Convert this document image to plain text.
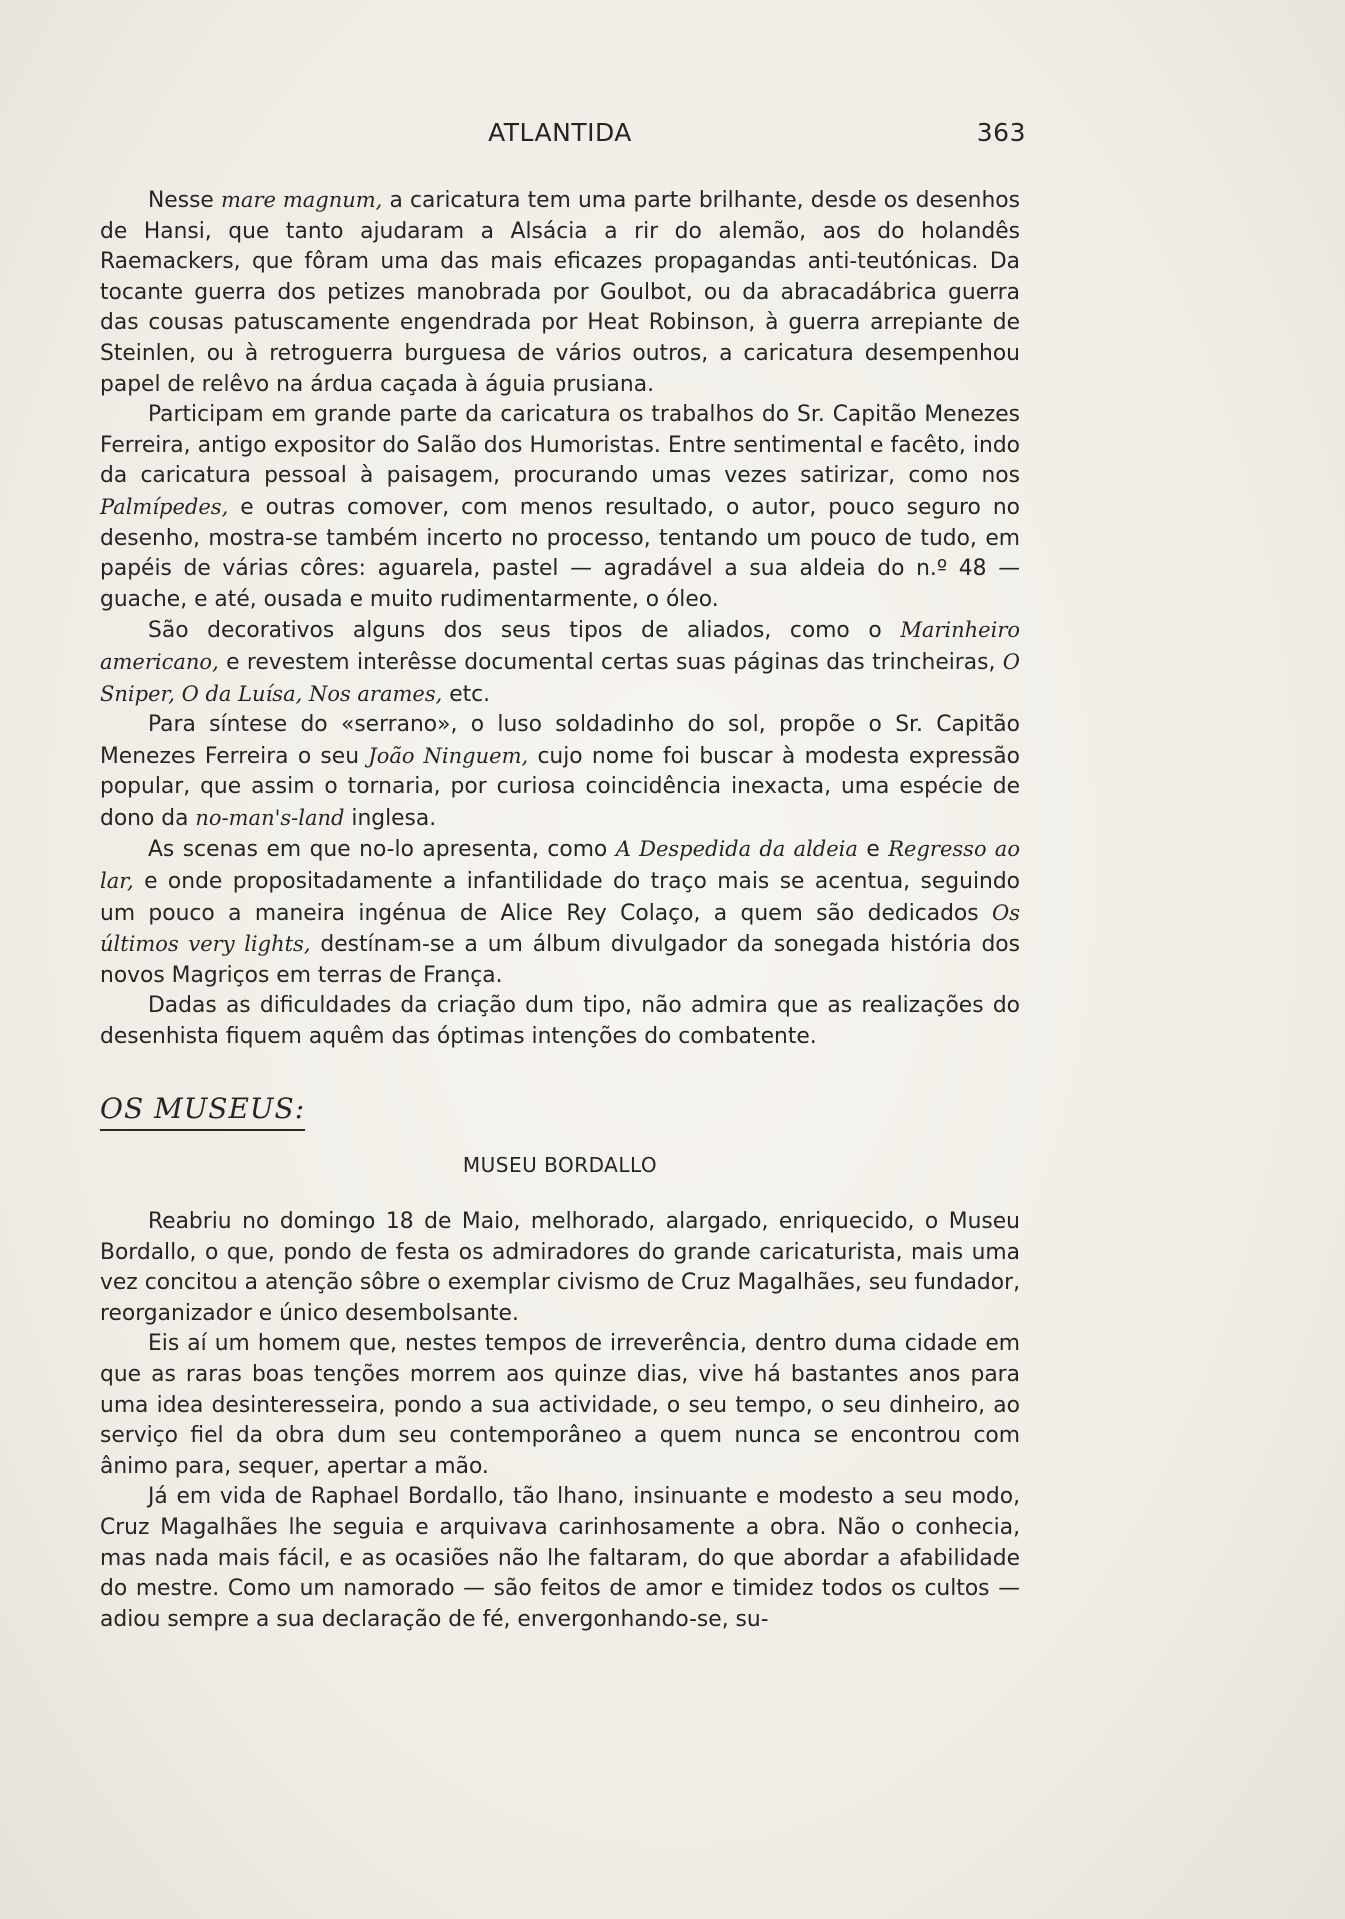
ATLANTIDA	363

Nesse mare magnum, a caricatura tem uma parte brilhante, desde os desenhos de Hansi, que tanto ajudaram a Alsácia a rir do alemão, aos do holandês Raemackers, que fôram uma das mais eficazes propagandas anti-teutónicas. Da tocante guerra dos petizes manobrada por Goulbot, ou da abracadábrica guerra das cousas patuscamente engendrada por Heat Robinson, à guerra arrepiante de Steinlen, ou à retroguerra burguesa de vários outros, a caricatura desempenhou papel de relêvo na árdua caçada à águia prusiana.

Participam em grande parte da caricatura os trabalhos do Sr. Capitão Menezes Ferreira, antigo expositor do Salão dos Humoristas. Entre sentimental e facêto, indo da caricatura pessoal à paisagem, procurando umas vezes satirizar, como nos Palmípedes, e outras comover, com menos resultado, o autor, pouco seguro no desenho, mostra-se também incerto no processo, tentando um pouco de tudo, em papéis de várias côres: aguarela, pastel — agradável a sua aldeia do n.º 48 — guache, e até, ousada e muito rudimentarmente, o óleo.

São decorativos alguns dos seus tipos de aliados, como o Marinheiro americano, e revestem interêsse documental certas suas páginas das trincheiras, O Sniper, O da Luísa, Nos arames, etc.

Para síntese do «serrano», o luso soldadinho do sol, propõe o Sr. Capitão Menezes Ferreira o seu João Ninguem, cujo nome foi buscar à modesta expressão popular, que assim o tornaria, por curiosa coincidência inexacta, uma espécie de dono da no-man's-land inglesa.

As scenas em que no-lo apresenta, como A Despedida da aldeia e Regresso ao lar, e onde propositadamente a infantilidade do traço mais se acentua, seguindo um pouco a maneira ingénua de Alice Rey Colaço, a quem são dedicados Os últimos very lights, destínam-se a um álbum divulgador da sonegada história dos novos Magriços em terras de França.

Dadas as dificuldades da criação dum tipo, não admira que as realizações do desenhista fiquem aquêm das óptimas intenções do combatente.

OS MUSEUS:
MUSEU BORDALLO

Reabriu no domingo 18 de Maio, melhorado, alargado, enriquecido, o Museu Bordallo, o que, pondo de festa os admiradores do grande caricaturista, mais uma vez concitou a atenção sôbre o exemplar civismo de Cruz Magalhães, seu fundador, reorganizador e único desembolsante.

Eis aí um homem que, nestes tempos de irreverência, dentro duma cidade em que as raras boas tenções morrem aos quinze dias, vive há bastantes anos para uma idea desinteresseira, pondo a sua actividade, o seu tempo, o seu dinheiro, ao serviço fiel da obra dum seu contemporâneo a quem nunca se encontrou com ânimo para, sequer, apertar a mão.

Já em vida de Raphael Bordallo, tão lhano, insinuante e modesto a seu modo, Cruz Magalhães lhe seguia e arquivava carinhosamente a obra. Não o conhecia, mas nada mais fácil, e as ocasiões não lhe faltaram, do que abordar a afabilidade do mestre. Como um namorado — são feitos de amor e timidez todos os cultos — adiou sempre a sua declaração de fé, envergonhando-se, su-
